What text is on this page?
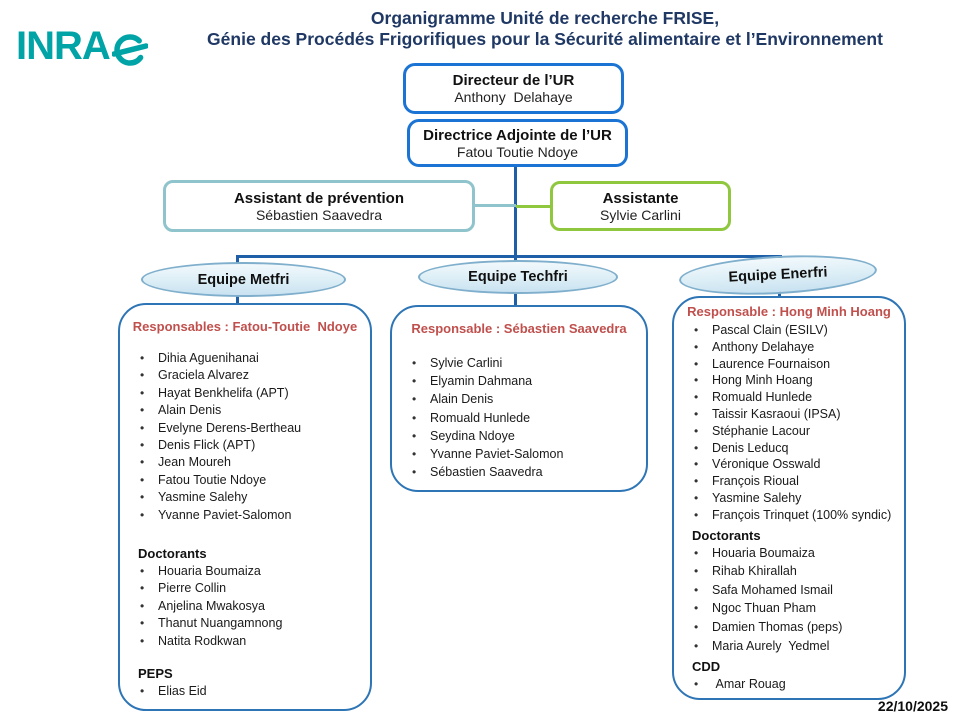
INRA
Organigramme Unité de recherche FRISE,
Génie des Procédés Frigorifiques pour la Sécurité alimentaire et l’Environnement
Directeur de l’UR
Anthony  Delahaye
Directrice Adjointe de l’UR
Fatou Toutie Ndoye
Assistant de prévention
Sébastien Saavedra
Assistante
Sylvie Carlini
Equipe Metfri	Equipe Techfri	Equipe Enerfri
Responsables : Fatou-Toutie  Ndoye
• Dihia Aguenihanai
• Graciela Alvarez
• Hayat Benkhelifa (APT)
• Alain Denis
• Evelyne Derens-Bertheau
• Denis Flick (APT)
• Jean Moureh
• Fatou Toutie Ndoye
• Yasmine Salehy
• Yvanne Paviet-Salomon
Doctorants
• Houaria Boumaiza
• Pierre Collin
• Anjelina Mwakosya
• Thanut Nuangamnong
• Natita Rodkwan
PEPS
• Elias Eid
Responsable : Sébastien Saavedra
• Sylvie Carlini
• Elyamin Dahmana
• Alain Denis
• Romuald Hunlede
• Seydina Ndoye
• Yvanne Paviet-Salomon
• Sébastien Saavedra
Responsable : Hong Minh Hoang
• Pascal Clain (ESILV)
• Anthony Delahaye
• Laurence Fournaison
• Hong Minh Hoang
• Romuald Hunlede
• Taissir Kasraoui (IPSA)
• Stéphanie Lacour
• Denis Leducq
• Véronique Osswald
• François Rioual
• Yasmine Salehy
• François Trinquet (100% syndic)
Doctorants
• Houaria Boumaiza
• Rihab Khirallah
• Safa Mohamed Ismail
• Ngoc Thuan Pham
• Damien Thomas (peps)
• Maria Aurely  Yedmel
CDD
•  Amar Rouag
22/10/2025
